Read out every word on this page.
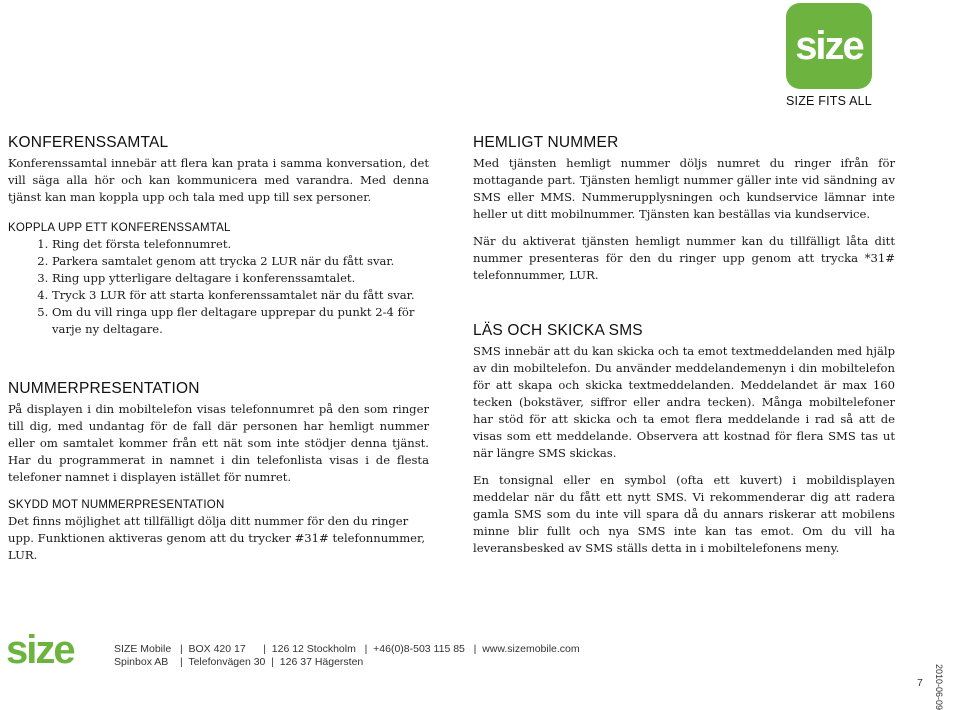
size
SIZE FITS ALL
KONFERENSSAMTAL

Konferenssamtal innebär att flera kan prata i samma konversation, det vill säga alla hör och kan kommunicera med varandra. Med denna tjänst kan man koppla upp och tala med upp till sex personer.

KOPPLA UPP ETT KONFERENSSAMTAL
1. Ring det första telefonnumret.
2. Parkera samtalet genom att trycka 2 LUR när du fått svar.
3. Ring upp ytterligare deltagare i konferenssamtalet.
4. Tryck 3 LUR för att starta konferenssamtalet när du fått svar.
5. Om du vill ringa upp fler deltagare upprepar du punkt 2-4 för varje ny deltagare.
NUMMERPRESENTATION

På displayen i din mobiltelefon visas telefonnumret på den som ringer till dig, med undantag för de fall där personen har hemligt nummer eller om samtalet kommer från ett nät som inte stödjer denna tjänst. Har du programmerat in namnet i din telefonlista visas i de flesta telefoner namnet i displayen istället för numret.

SKYDD MOT NUMMERPRESENTATION

Det finns möjlighet att tillfälligt dölja ditt nummer för den du ringer upp. Funktionen aktiveras genom att du trycker #31# telefonnummer, LUR.

HEMLIGT NUMMER

Med tjänsten hemligt nummer döljs numret du ringer ifrån för mottagande part. Tjänsten hemligt nummer gäller inte vid sändning av SMS eller MMS. Nummerupplysningen och kundservice lämnar inte heller ut ditt mobilnummer. Tjänsten kan beställas via kundservice.

När du aktiverat tjänsten hemligt nummer kan du tillfälligt låta ditt nummer presenteras för den du ringer upp genom att trycka *31# telefonnummer, LUR.

LÄS OCH SKICKA SMS

SMS innebär att du kan skicka och ta emot textmeddelanden med hjälp av din mobiltelefon. Du använder meddelandemenyn i din mobiltelefon för att skapa och skicka textmeddelanden. Meddelandet är max 160 tecken (bokstäver, siffror eller andra tecken). Många mobiltelefoner har stöd för att skicka och ta emot flera meddelande i rad så att de visas som ett meddelande. Observera att kostnad för flera SMS tas ut när längre SMS skickas.

En tonsignal eller en symbol (ofta ett kuvert) i mobildisplayen meddelar när du fått ett nytt SMS. Vi rekommenderar dig att radera gamla SMS som du inte vill spara då du annars riskerar att mobilens minne blir fullt och nya SMS inte kan tas emot. Om du vill ha leveransbesked av SMS ställs detta in i mobiltelefonens meny.

size	SIZE Mobile   |  BOX 420 17      |  126 12 Stockholm   |  +46(0)8-503 115 85   |  www.sizemobile.com
Spinbox AB    |  Telefonvägen 30  |  126 37 Hägersten
7 2010-06-09
